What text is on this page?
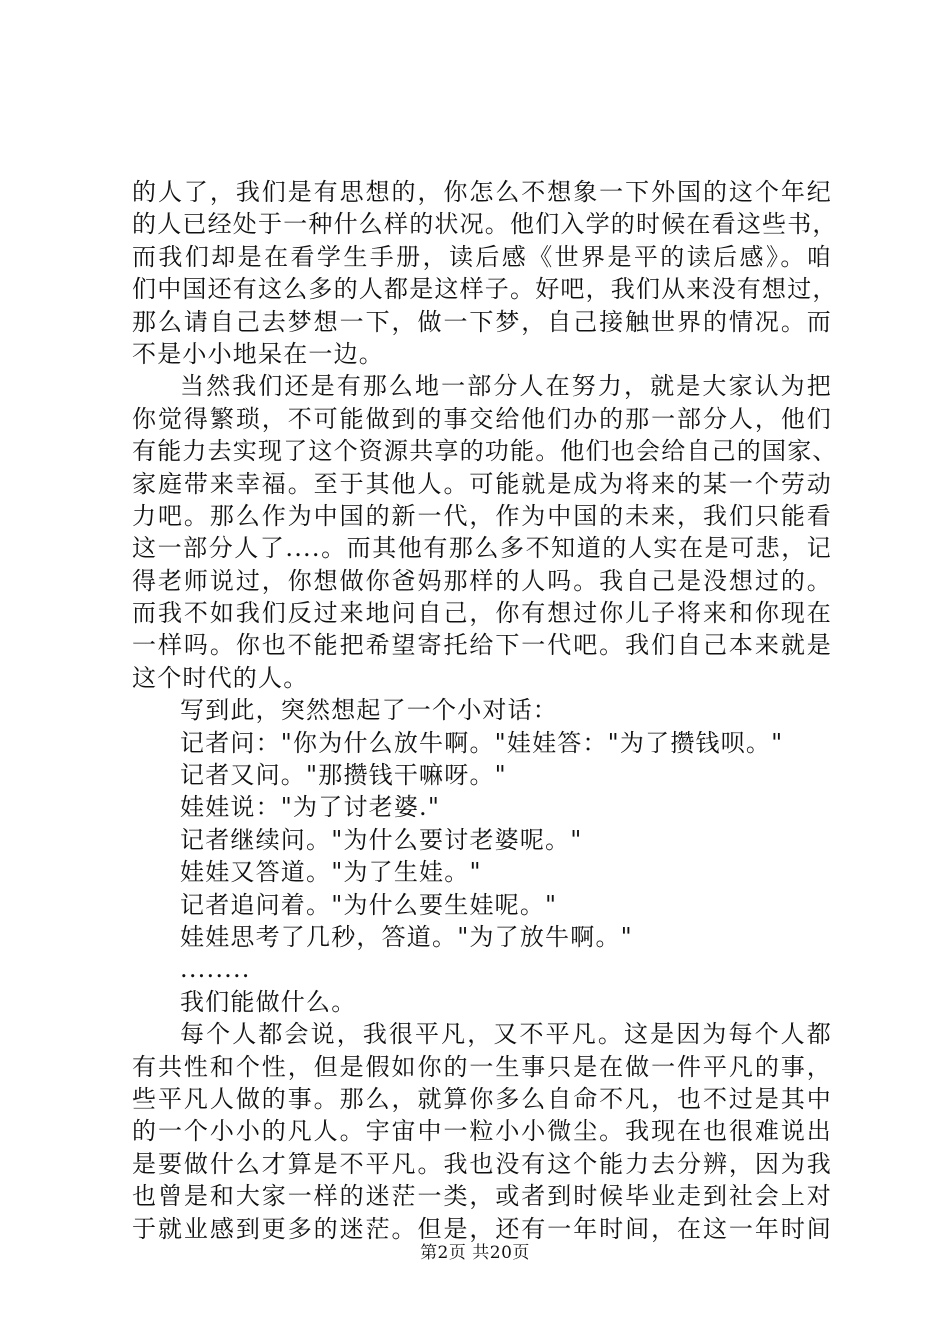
的人了，我们是有思想的，你怎么不想象一下外国的这个年纪
的人已经处于一种什么样的状况。他们入学的时候在看这些书，
而我们却是在看学生手册，读后感《世界是平的读后感》。咱
们中国还有这么多的人都是这样子。好吧，我们从来没有想过，
那么请自己去梦想一下，做一下梦，自己接触世界的情况。而
不是小小地呆在一边。
当然我们还是有那么地一部分人在努力，就是大家认为把
你觉得繁琐，不可能做到的事交给他们办的那一部分人，他们
有能力去实现了这个资源共享的功能。他们也会给自己的国家、
家庭带来幸福。至于其他人。可能就是成为将来的某一个劳动
力吧。那么作为中国的新一代，作为中国的未来，我们只能看
这一部分人了....。而其他有那么多不知道的人实在是可悲，记
得老师说过，你想做你爸妈那样的人吗。我自己是没想过的。
而我不如我们反过来地问自己，你有想过你儿子将来和你现在
一样吗。你也不能把希望寄托给下一代吧。我们自己本来就是
这个时代的人。
写到此，突然想起了一个小对话：
记者问："你为什么放牛啊。"娃娃答："为了攒钱呗。"
记者又问。"那攒钱干嘛呀。"
娃娃说："为了讨老婆."
记者继续问。"为什么要讨老婆呢。"
娃娃又答道。"为了生娃。"
记者追问着。"为什么要生娃呢。"
娃娃思考了几秒，答道。"为了放牛啊。"
........
我们能做什么。
每个人都会说，我很平凡，又不平凡。这是因为每个人都
有共性和个性，但是假如你的一生事只是在做一件平凡的事，
些平凡人做的事。那么，就算你多么自命不凡，也不过是其中
的一个小小的凡人。宇宙中一粒小小微尘。我现在也很难说出
是要做什么才算是不平凡。我也没有这个能力去分辨，因为我
也曾是和大家一样的迷茫一类，或者到时候毕业走到社会上对
于就业感到更多的迷茫。但是，还有一年时间，在这一年时间
第2页 共20页
